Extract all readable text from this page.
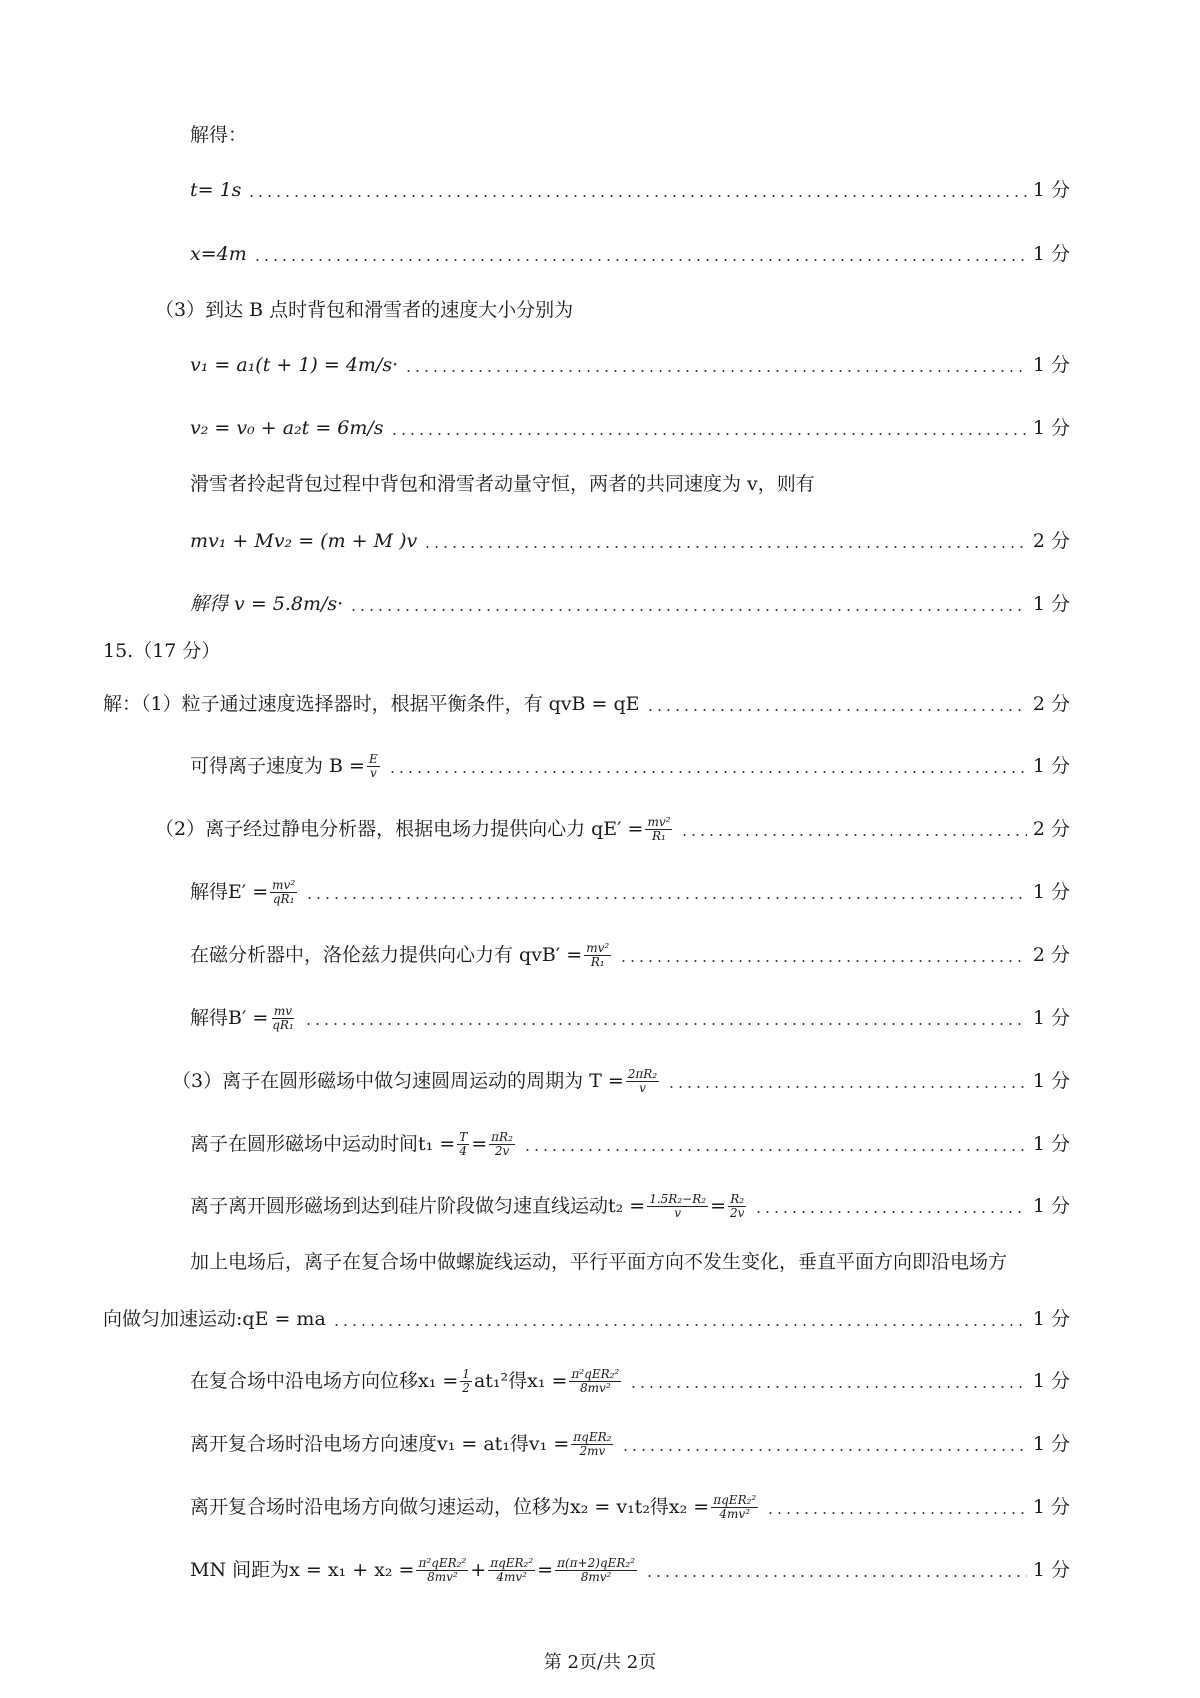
解得：
t= 1s	1 分
x=4m	1 分
（3）到达 B 点时背包和滑雪者的速度大小分别为
v₁ = a₁(t + 1) = 4m/s·	1 分
v₂ = v₀ + a₂t = 6m/s	1 分
滑雪者拎起背包过程中背包和滑雪者动量守恒，两者的共同速度为 v，则有
mv₁ + Mv₂ = (m + M )v	2 分
解得 v = 5.8m/s·	1 分
15.（17 分）
解：（1）粒子通过速度选择器时，根据平衡条件，有 qvB = qE	2 分
可得离子速度为 $B = \frac{E}{v}$	1 分
（2）离子经过静电分析器，根据电场力提供向心力 $qE' = \frac{\text{mv²}}{\text{R₁}}$	2 分
解得$E' = \frac{\text{mv²}}{\text{qR₁}}$	1 分
在磁分析器中，洛伦兹力提供向心力有 $qvB' = \frac{\text{mv²}}{\text{R₁}}$	2 分
解得$B' = \frac{mv}{\text{qR₁}}$	1 分
（3）离子在圆形磁场中做匀速圆周运动的周期为 $T = \frac{\text{2πR₂}}{v}$	1 分
离子在圆形磁场中运动时间$t_1 = \frac{T}{4} = \frac{\text{πR₂}}{2v}$	1 分
离子离开圆形磁场到达到硅片阶段做匀速直线运动$t_2 = \frac{\text{1.5R₂−R₂}}{v} = \frac{\text{R₂}}{2v}$	1 分
加上电场后，离子在复合场中做螺旋线运动，平行平面方向不发生变化，垂直平面方向即沿电场方
向做匀加速运动:qE = ma	1 分
在复合场中沿电场方向位移$x_1 = \frac{1}{2} at_1^2$得$x_1 = \frac{\text{π²qER₂²}}{\text{8mv²}}$	1 分
离开复合场时沿电场方向速度v₁ = at₁得$v_1 = \frac{\text{πqER₂}}{2mv}$	1 分
离开复合场时沿电场方向做匀速运动，位移为x₂ = v₁t₂得$x_2 = \frac{\text{πqER₂²}}{\text{4mv²}}$	1 分
MN 间距为$x = x_1 + x_2 = \frac{\text{π²qER₂²}}{\text{8mv²}} + \frac{\text{πqER₂²}}{\text{4mv²}} = \frac{\text{π(π+2)qER₂²}}{\text{8mv²}}$	1 分
第 2页/共 2页
